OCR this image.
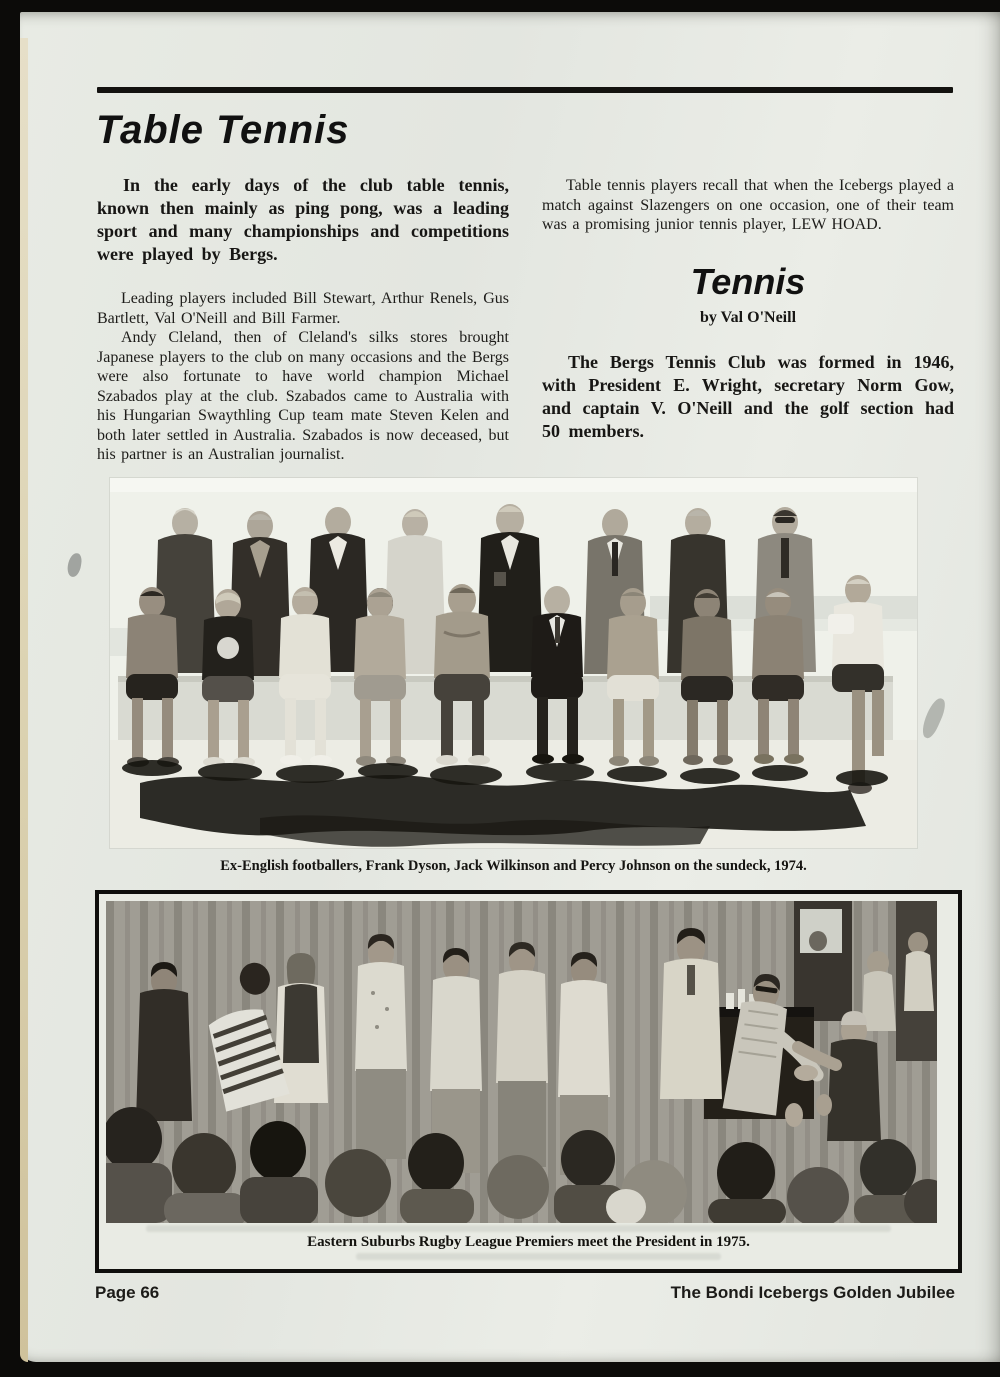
Table Tennis

In the early days of the club table tennis, known then mainly as ping pong, was a leading sport and many championships and competitions were played by Bergs.

Leading players included Bill Stewart, Arthur Renels, Gus Bartlett, Val O'Neill and Bill Farmer.

Andy Cleland, then of Cleland's silks stores brought Japanese players to the club on many occasions and the Bergs were also fortunate to have world champion Michael Szabados play at the club. Szabados came to Australia with his Hungarian Swaythling Cup team mate Steven Kelen and both later settled in Australia. Szabados is now deceased, but his partner is an Australian journalist.

Table tennis players recall that when the Icebergs played a match against Slazengers on one occasion, one of their team was a promising junior tennis player, LEW HOAD.

Tennis

by Val O'Neill

The Bergs Tennis Club was formed in 1946, with President E. Wright, secretary Norm Gow, and captain V. O'Neill and the golf section had 50 members.

Ex-English footballers, Frank Dyson, Jack Wilkinson and Percy Johnson on the sundeck, 1974.

Eastern Suburbs Rugby League Premiers meet the President in 1975.

Page 66	The Bondi Icebergs Golden Jubilee
